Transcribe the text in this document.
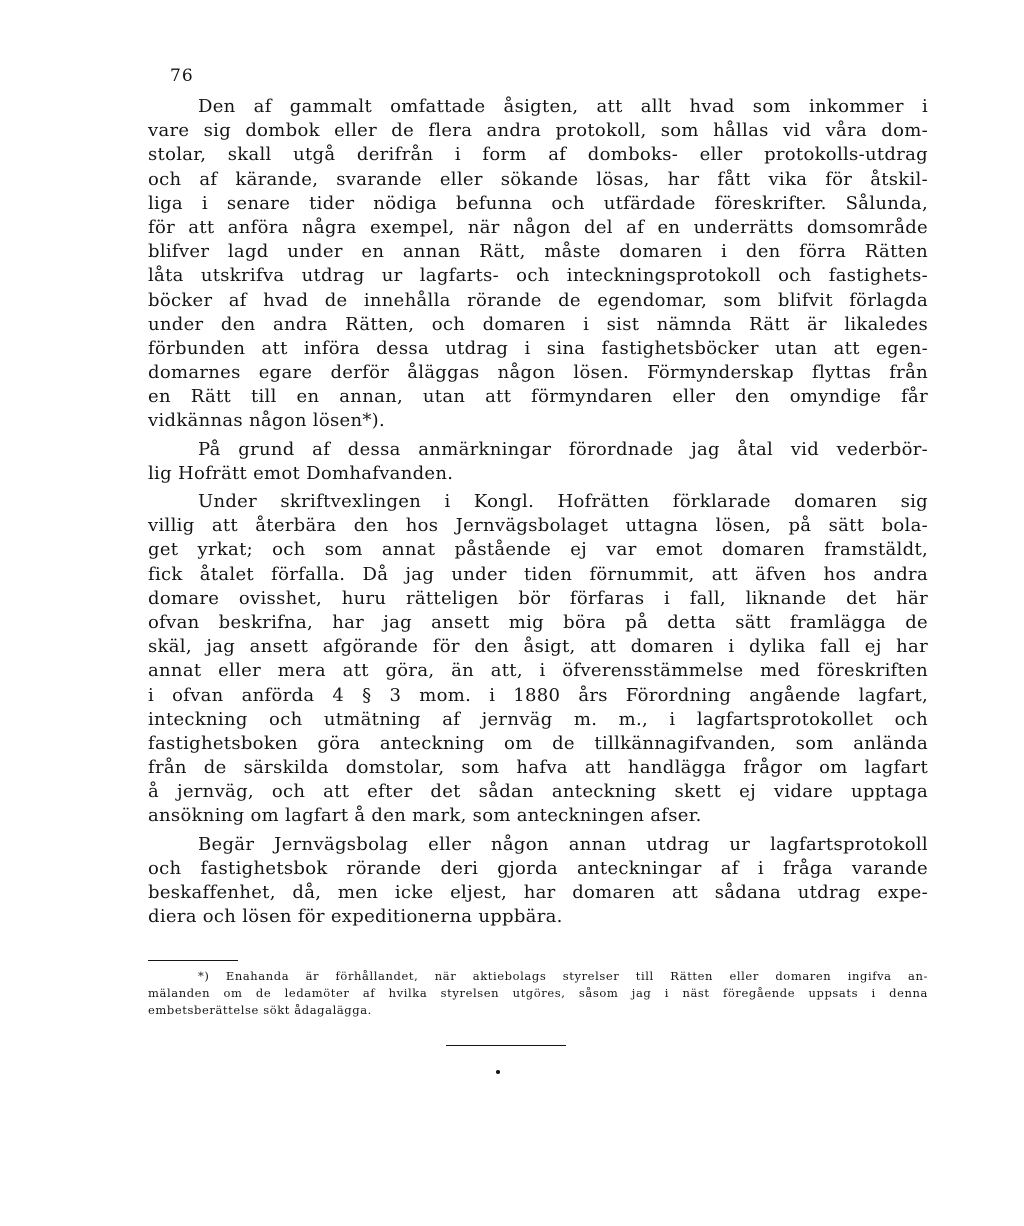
76
Den af gammalt omfattade åsigten, att allt hvad som inkommer i
vare sig dombok eller de flera andra protokoll, som hållas vid våra dom-
stolar, skall utgå derifrån i form af domboks- eller protokolls-utdrag
och af kärande, svarande eller sökande lösas, har fått vika för åtskil-
liga i senare tider nödiga befunna och utfärdade föreskrifter. Sålunda,
för att anföra några exempel, när någon del af en underrätts domsområde
blifver lagd under en annan Rätt, måste domaren i den förra Rätten
låta utskrifva utdrag ur lagfarts- och inteckningsprotokoll och fastighets-
böcker af hvad de innehålla rörande de egendomar, som blifvit förlagda
under den andra Rätten, och domaren i sist nämnda Rätt är likaledes
förbunden att införa dessa utdrag i sina fastighetsböcker utan att egen-
domarnes egare derför åläggas någon lösen. Förmynderskap flyttas från
en Rätt till en annan, utan att förmyndaren eller den omyndige får
vidkännas någon lösen*).
På grund af dessa anmärkningar förordnade jag åtal vid vederbör-
lig Hofrätt emot Domhafvanden.
Under skriftvexlingen i Kongl. Hofrätten förklarade domaren sig
villig att återbära den hos Jernvägsbolaget uttagna lösen, på sätt bola-
get yrkat; och som annat påstående ej var emot domaren framstäldt,
fick åtalet förfalla. Då jag under tiden förnummit, att äfven hos andra
domare ovisshet, huru rätteligen bör förfaras i fall, liknande det här
ofvan beskrifna, har jag ansett mig böra på detta sätt framlägga de
skäl, jag ansett afgörande för den åsigt, att domaren i dylika fall ej har
annat eller mera att göra, än att, i öfverensstämmelse med föreskriften
i ofvan anförda 4 § 3 mom. i 1880 års Förordning angående lagfart,
inteckning och utmätning af jernväg m. m., i lagfartsprotokollet och
fastighetsboken göra anteckning om de tillkännagifvanden, som anlända
från de särskilda domstolar, som hafva att handlägga frågor om lagfart
å jernväg, och att efter det sådan anteckning skett ej vidare upptaga
ansökning om lagfart å den mark, som anteckningen afser.
Begär Jernvägsbolag eller någon annan utdrag ur lagfartsprotokoll
och fastighetsbok rörande deri gjorda anteckningar af i fråga varande
beskaffenhet, då, men icke eljest, har domaren att sådana utdrag expe-
diera och lösen för expeditionerna uppbära.
*) Enahanda är förhållandet, när aktiebolags styrelser till Rätten eller domaren ingifva an-
mälanden om de ledamöter af hvilka styrelsen utgöres, såsom jag i näst föregående uppsats i denna
embetsberättelse sökt ådagalägga.
